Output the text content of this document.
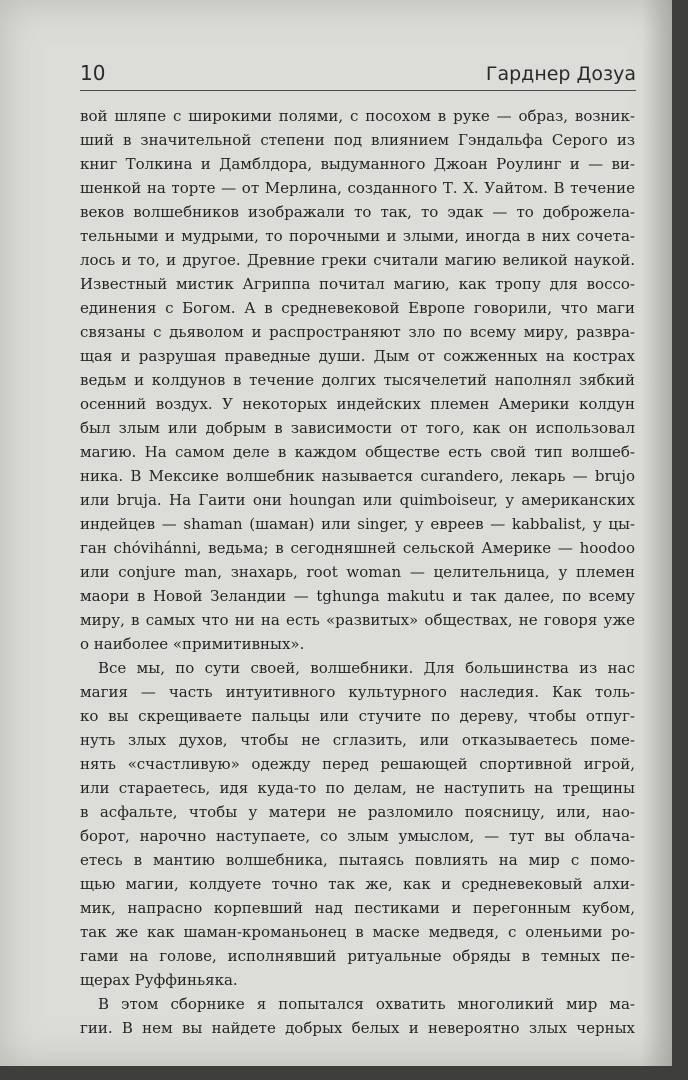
10	Гарднер Дозуа
вой шляпе с широкими полями, с посохом в руке — образ, возник-
ший в значительной степени под влиянием Гэндальфа Серого из
книг Толкина и Дамблдора, выдуманного Джоан Роулинг и — ви-
шенкой на торте — от Мерлина, созданного Т. Х. Уайтом. В течение
веков волшебников изображали то так, то эдак — то доброжела-
тельными и мудрыми, то порочными и злыми, иногда в них сочета-
лось и то, и другое. Древние греки считали магию великой наукой.
Известный мистик Агриппа почитал магию, как тропу для воссо-
единения с Богом. А в средневековой Европе говорили, что маги
связаны с дьяволом и распространяют зло по всему миру, развра-
щая и разрушая праведные души. Дым от сожженных на кострах
ведьм и колдунов в течение долгих тысячелетий наполнял зябкий
осенний воздух. У некоторых индейских племен Америки колдун
был злым или добрым в зависимости от того, как он использовал
магию. На самом деле в каждом обществе есть свой тип волшеб-
ника. В Мексике волшебник называется curandero, лекарь — brujo
или bruja. На Гаити они houngan или quimboiseur, у американских
индейцев — shaman (шаман) или singer, у евреев — kabbalist, у цы-
ган chóvihánni, ведьма; в сегодняшней сельской Америке — hoodoo
или conjure man, знахарь, root woman — целительница, у племен
маори в Новой Зеландии — tghunga makutu и так далее, по всему
миру, в самых что ни на есть «развитых» обществах, не говоря уже
о наиболее «примитивных».
Все мы, по сути своей, волшебники. Для большинства из нас
магия — часть интуитивного культурного наследия. Как толь-
ко вы скрещиваете пальцы или стучите по дереву, чтобы отпуг-
нуть злых духов, чтобы не сглазить, или отказываетесь поме-
нять «счастливую» одежду перед решающей спортивной игрой,
или стараетесь, идя куда-то по делам, не наступить на трещины
в асфальте, чтобы у матери не разломило поясницу, или, нао-
борот, нарочно наступаете, со злым умыслом, — тут вы облача-
етесь в мантию волшебника, пытаясь повлиять на мир с помо-
щью магии, колдуете точно так же, как и средневековый алхи-
мик, напрасно корпевший над пестиками и перегонным кубом,
так же как шаман-кроманьонец в маске медведя, с оленьими ро-
гами на голове, исполнявший ритуальные обряды в темных пе-
щерах Руффиньяка.
В этом сборнике я попытался охватить многоликий мир ма-
гии. В нем вы найдете добрых белых и невероятно злых черных
